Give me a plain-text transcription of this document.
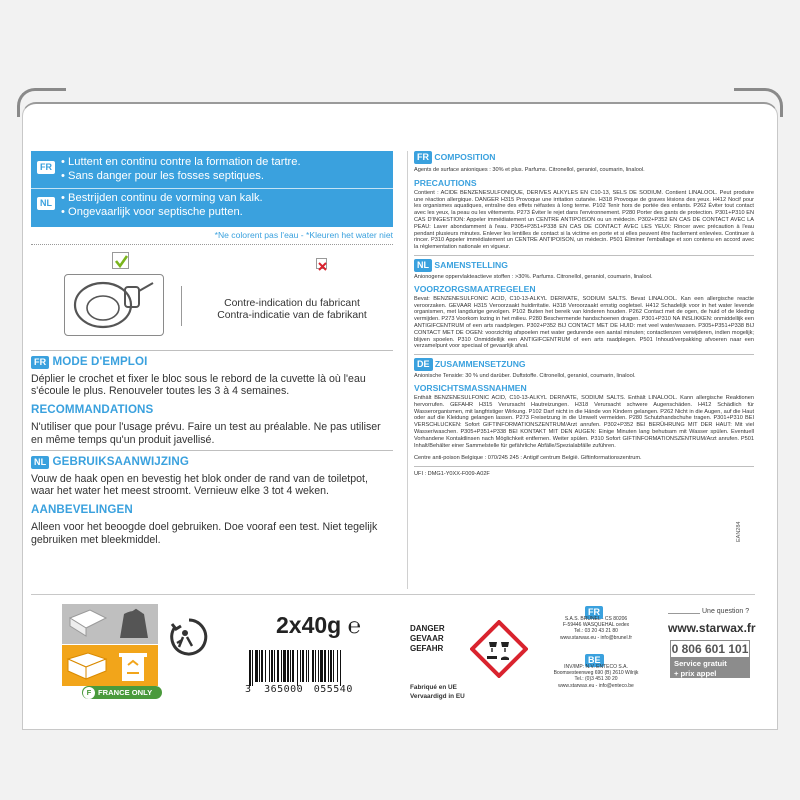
FR • Luttent en continu contre la formation de tartre.
• Sans danger pour les fosses septiques.
NL • Bestrijden continu de vorming van kalk.
• Ongevaarlijk voor septische putten.
*Ne colorent pas l'eau - *Kleuren het water niet
Contre-indication du fabricant
Contra-indicatie van de fabrikant
FR MODE D'EMPLOI
Déplier le crochet et fixer le bloc sous le rebord de la cuvette là où l'eau s'écoule le plus. Renouveler toutes les 3 à 4 semaines.
RECOMMANDATIONS
N'utiliser que pour l'usage prévu. Faire un test au préalable. Ne pas utiliser en même temps qu'un produit javellisé.
NL GEBRUIKSAANWIJZING
Vouw de haak open en bevestig het blok onder de rand van de toiletpot, waar het water het meest stroomt. Vernieuw elke 3 tot 4 weken.
AANBEVELINGEN
Alleen voor het beoogde doel gebruiken. Doe vooraf een test. Niet tegelijk gebruiken met bleekmiddel.
FR COMPOSITION
Agents de surface anioniques : 30% et plus. Parfums. Citronellol, geraniol, coumarin, linalool.
PRECAUTIONS
Contient : ACIDE BENZENESULFONIQUE, DERIVES ALKYLES EN C10-13, SELS DE SODIUM. Contient LINALOOL. Peut produire une réaction allergique. DANGER H315 Provoque une irritation cutanée. H318 Provoque de graves lésions des yeux. H412 Nocif pour les organismes aquatiques, entraîne des effets néfastes à long terme. P102 Tenir hors de portée des enfants. P262 Éviter tout contact avec les yeux, la peau ou les vêtements. P273 Éviter le rejet dans l'environnement. P280 Porter des gants de protection. P301+P310 EN CAS D'INGESTION: Appeler immédiatement un CENTRE ANTIPOISON ou un médecin. P302+P352 EN CAS DE CONTACT AVEC LA PEAU: Laver abondamment à l'eau. P305+P351+P338 EN CAS DE CONTACT AVEC LES YEUX: Rincer avec précaution à l'eau pendant plusieurs minutes. Enlever les lentilles de contact si la victime en porte et si elles peuvent être facilement enlevées. Continuer à rincer. P310 Appeler immédiatement un CENTRE ANTIPOISON, un médecin. P501 Éliminer l'emballage et son contenu en accord avec la réglementation nationale en vigueur.
NL SAMENSTELLING
Anionogene oppervlakteactieve stoffen : >30%. Parfums. Citronellol, geraniol, coumarin, linalool.
VOORZORGSMAATREGELEN
Bevat: BENZENESULFONIC ACID, C10-13-ALKYL DERIVATE, SODIUM SALTS. Bevat LINALOOL. Kan een allergische reactie veroorzaken. GEVAAR H315 Veroorzaakt huidirritatie. H318 Veroorzaakt ernstig oogletsel. H412 Schadelijk voor in het water levende organismen, met langdurige gevolgen. P102 Buiten het bereik van kinderen houden. P262 Contact met de ogen, de huid of de kleding vermijden. P273 Voorkom lozing in het milieu. P280 Beschermende handschoenen dragen. P301+P310 NA INSLIKKEN: onmiddellijk een ANTIGIFCENTRUM of een arts raadplegen. P302+P352 BIJ CONTACT MET DE HUID: met veel water/wassen. P305+P351+P338 BIJ CONTACT MET DE OGEN: voorzichtig afspoelen met water gedurende een aantal minuten; contactlenzen verwijderen, indien mogelijk; blijven spoelen. P310 Onmiddellijk een ANTIGIFCENTRUM of een arts raadplegen. P501 Inhoud/verpakking afvoeren naar een verzamelpunt voor speciaal of gevaarlijk afval.
DE ZUSAMMENSETZUNG
Anionische Tenside: 30 % und darüber. Duftstoffe. Citronellol, geraniol, coumarin, linalool.
VORSICHTSMASSNAHMEN
Enthält BENZENESULFONIC ACID, C10-13-ALKYL DERIVATE, SODIUM SALTS. Enthält LINALOOL. Kann allergische Reaktionen hervorrufen. GEFAHR H315 Verursacht Hautreizungen. H318 Verursacht schwere Augenschäden. H412 Schädlich für Wasserorganismen, mit langfristiger Wirkung. P102 Darf nicht in die Hände von Kindern gelangen. P262 Nicht in die Augen, auf die Haut oder auf die Kleidung gelangen lassen. P273 Freisetzung in die Umwelt vermeiden. P280 Schutzhandschuhe tragen. P301+P310 BEI VERSCHLUCKEN: Sofort GIFTINFORMATIONSZENTRUM/Arzt anrufen. P302+P352 BEI BERÜHRUNG MIT DER HAUT: Mit viel Wasser/waschen. P305+P351+P338 BEI KONTAKT MIT DEN AUGEN: Einige Minuten lang behutsam mit Wasser spülen. Eventuell Vorhandene Kontaktlinsen nach Möglichkeit entfernen. Weiter spülen. P310 Sofort GIFTINFORMATIONSZENTRUM/Arzt anrufen. P501 Inhalt/Behälter einer Sammelstelle für gefährliche Abfälle/Spezialabfälle zuführen.
Centre anti-poison Belgique : 070/245 245 : Antigif centrum België. Giftinformationszentrum.
UFI : DMG1-Y0XX-F009-A02F
EAN284
F FRANCE ONLY
2x40g ℮
3 365000 055540
DANGER
GEVAAR
GEFAHR
Fabriqué en UE
Vervaardigd in EU
FR
S.A.S. BRUNEL - CS 80206
F-59446 WASQUEHAL cedex
Tel.: 03 20 43 21 80
www.starwax.eu - info@brunel.fr
BE
INV/IMP: N.V. ENTECO S.A.
Boomsesteenweg 690 (B) 2610 Wilrijk
Tel.: (0)3 451 30 20
www.starwax.eu - info@enteco.be
Une question ?
www.starwax.fr
0 806 601 101
Service gratuit
+ prix appel
